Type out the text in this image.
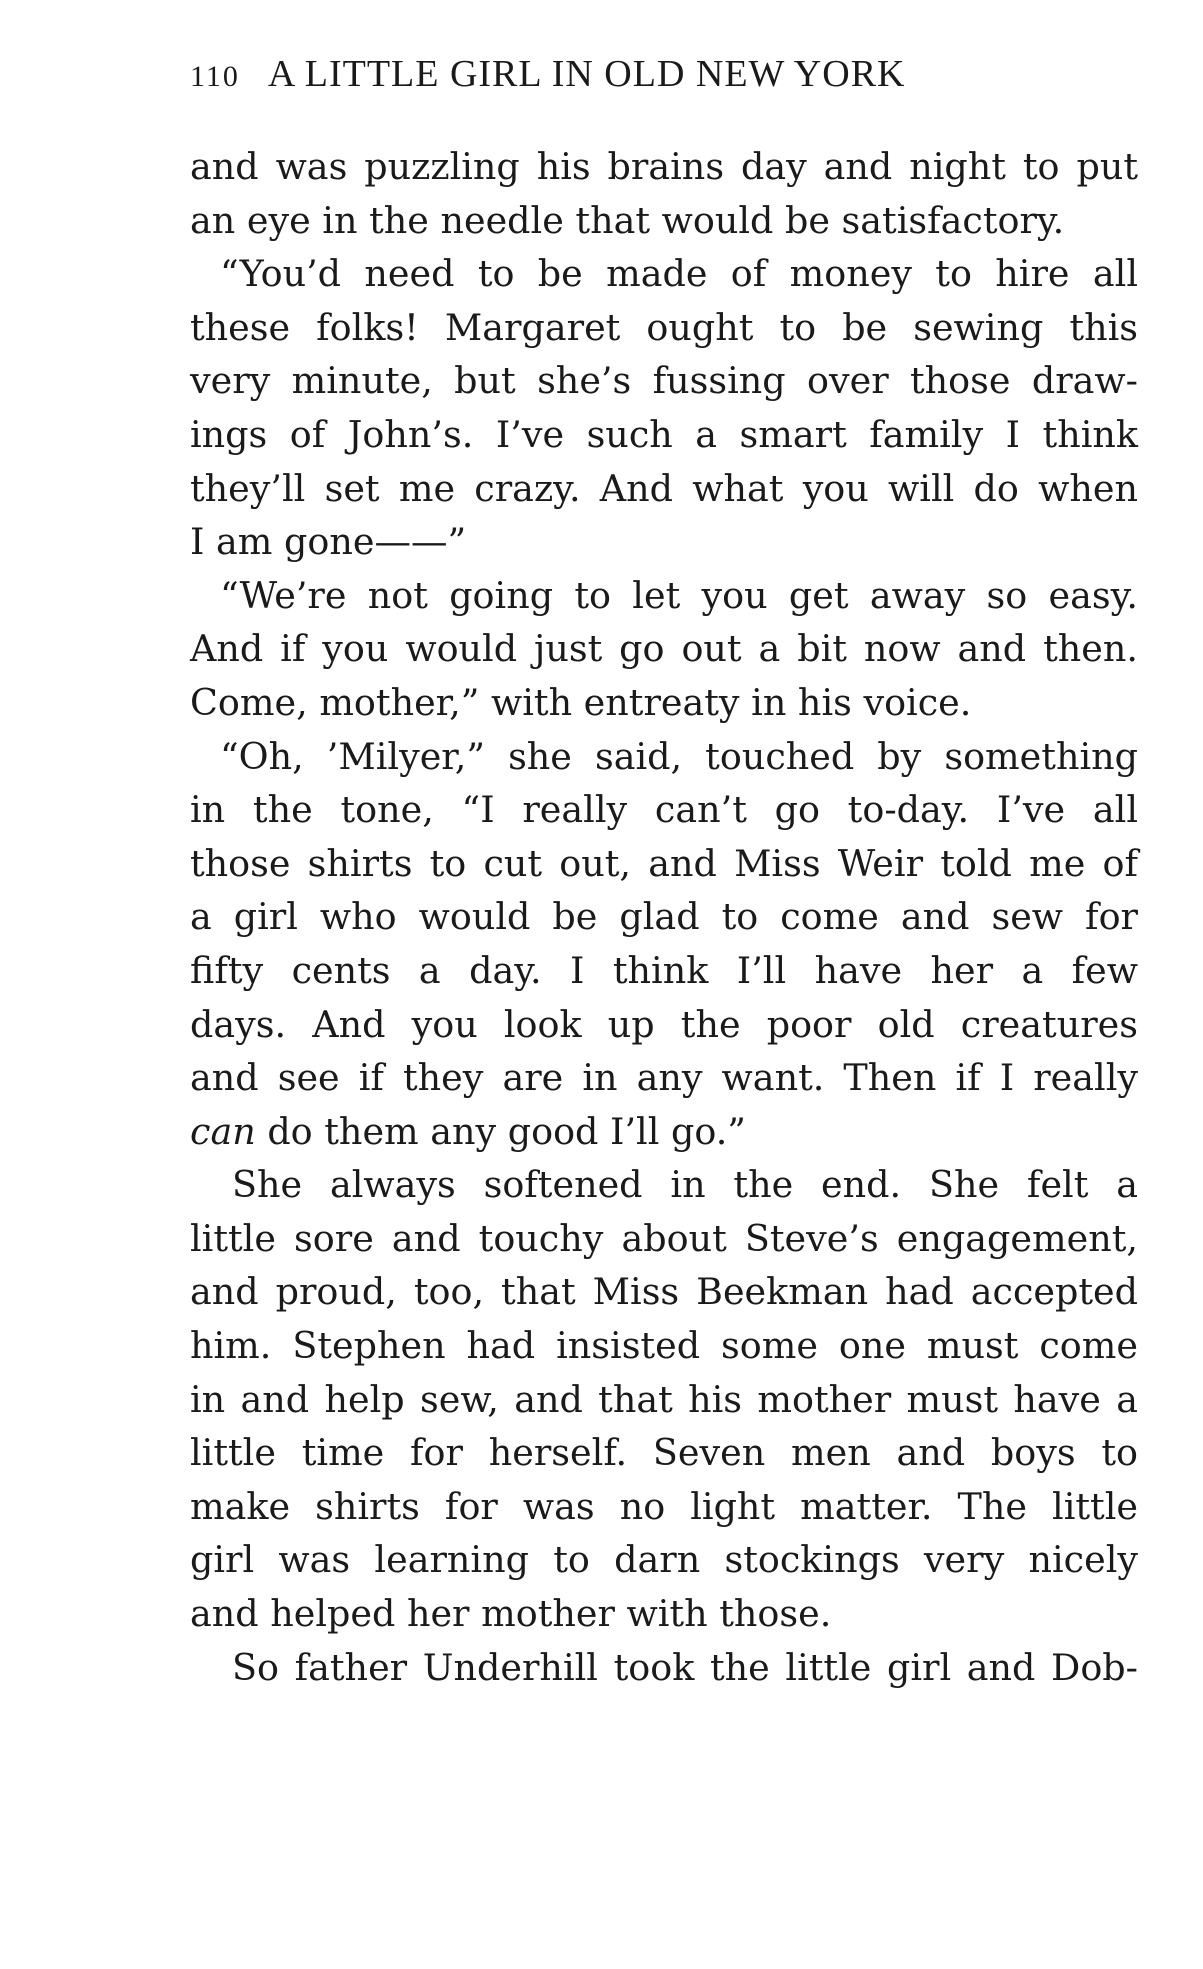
110 A LITTLE GIRL IN OLD NEW YORK
and was puzzling his brains day and night to put
an eye in the needle that would be satisfactory.
“You’d need to be made of money to hire all
these folks! Margaret ought to be sewing this
very minute, but she’s fussing over those draw-
ings of John’s. I’ve such a smart family I think
they’ll set me crazy. And what you will do when
I am gone——”
“We’re not going to let you get away so easy.
And if you would just go out a bit now and then.
Come, mother,” with entreaty in his voice.
“Oh, ’Milyer,” she said, touched by something
in the tone, “I really can’t go to-day. I’ve all
those shirts to cut out, and Miss Weir told me of
a girl who would be glad to come and sew for
fifty cents a day. I think I’ll have her a few
days. And you look up the poor old creatures
and see if they are in any want. Then if I really
can do them any good I’ll go.”
She always softened in the end. She felt a
little sore and touchy about Steve’s engagement,
and proud, too, that Miss Beekman had accepted
him. Stephen had insisted some one must come
in and help sew, and that his mother must have a
little time for herself. Seven men and boys to
make shirts for was no light matter. The little
girl was learning to darn stockings very nicely
and helped her mother with those.
So father Underhill took the little girl and Dob-
